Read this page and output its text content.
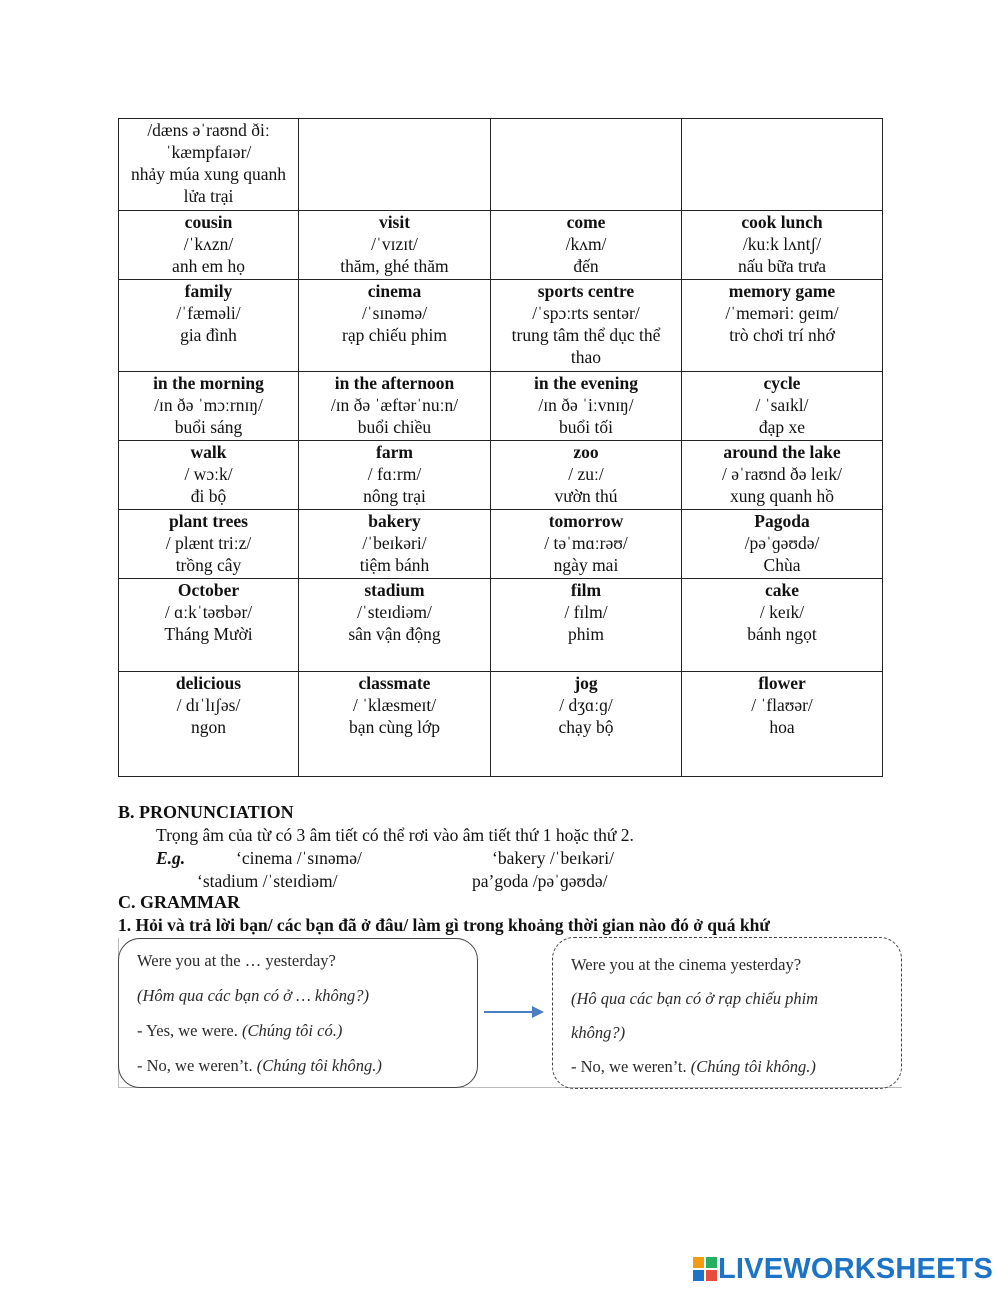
/dæns əˈraʊnd ðiː ˈkæmpfaɪər/
nhảy múa xung quanh lửa trại			

cousin
/ˈkʌzn/
anh em họ	visit
/ˈvɪzɪt/
thăm, ghé thăm	come
/kʌm/
đến	cook lunch
/kuːk lʌntʃ/
nấu bữa trưa

family
/ˈfæməli/
gia đình	cinema
/ˈsɪnəmə/
rạp chiếu phim	sports centre
/ˈspɔːrts sentər/
trung tâm thể dục thể thao	memory game
/ˈmeməriː ɡeɪm/
trò chơi trí nhớ

in the morning
/ɪn ðə ˈmɔːrnɪŋ/
buổi sáng	in the afternoon
/ɪn ðə ˈæftərˈnuːn/
buổi chiều	in the evening
/ɪn ðə ˈiːvnɪŋ/
buổi tối	cycle
/ ˈsaɪkl/
đạp xe

walk
/ wɔːk/
đi bộ	farm
/ fɑːrm/
nông trại	zoo
/ zuː/
vườn thú	around the lake
/ əˈraʊnd ðə leɪk/
xung quanh hồ

plant trees
/ plænt triːz/
trồng cây	bakery
/ˈbeɪkəri/
tiệm bánh	tomorrow
/ təˈmɑːrəʊ/
ngày mai	Pagoda
/pəˈɡəʊdə/
Chùa

October
/ ɑːkˈtəʊbər/
Tháng Mười	stadium
/ˈsteɪdiəm/
sân vận động	film
/ fɪlm/
phim	cake
/ keɪk/
bánh ngọt

delicious
/ dɪˈlɪʃəs/
ngon	classmate
/ ˈklæsmeɪt/
bạn cùng lớp	jog
/ dʒɑːɡ/
chạy bộ	flower
/ ˈflaʊər/
hoa
B. PRONUNCIATION
Trọng âm của từ có 3 âm tiết có thể rơi vào âm tiết thứ 1 hoặc thứ 2.
E.g.	‘cinema /ˈsɪnəmə/	‘bakery /ˈbeɪkəri/
‘stadium /ˈsteɪdiəm/	pa’goda /pəˈɡəʊdə/
C. GRAMMAR
1. Hỏi và trả lời bạn/ các bạn đã ở đâu/ làm gì trong khoảng thời gian nào đó ở quá khứ
Were you at the … yesterday?
(Hôm qua các bạn có ở … không?)
- Yes, we were. (Chúng tôi có.)
- No, we weren’t. (Chúng tôi không.)
Were you at the cinema yesterday?
(Hô qua các bạn có ở rạp chiếu phim
không?)
- No, we weren’t. (Chúng tôi không.)
LIVEWORKSHEETS
